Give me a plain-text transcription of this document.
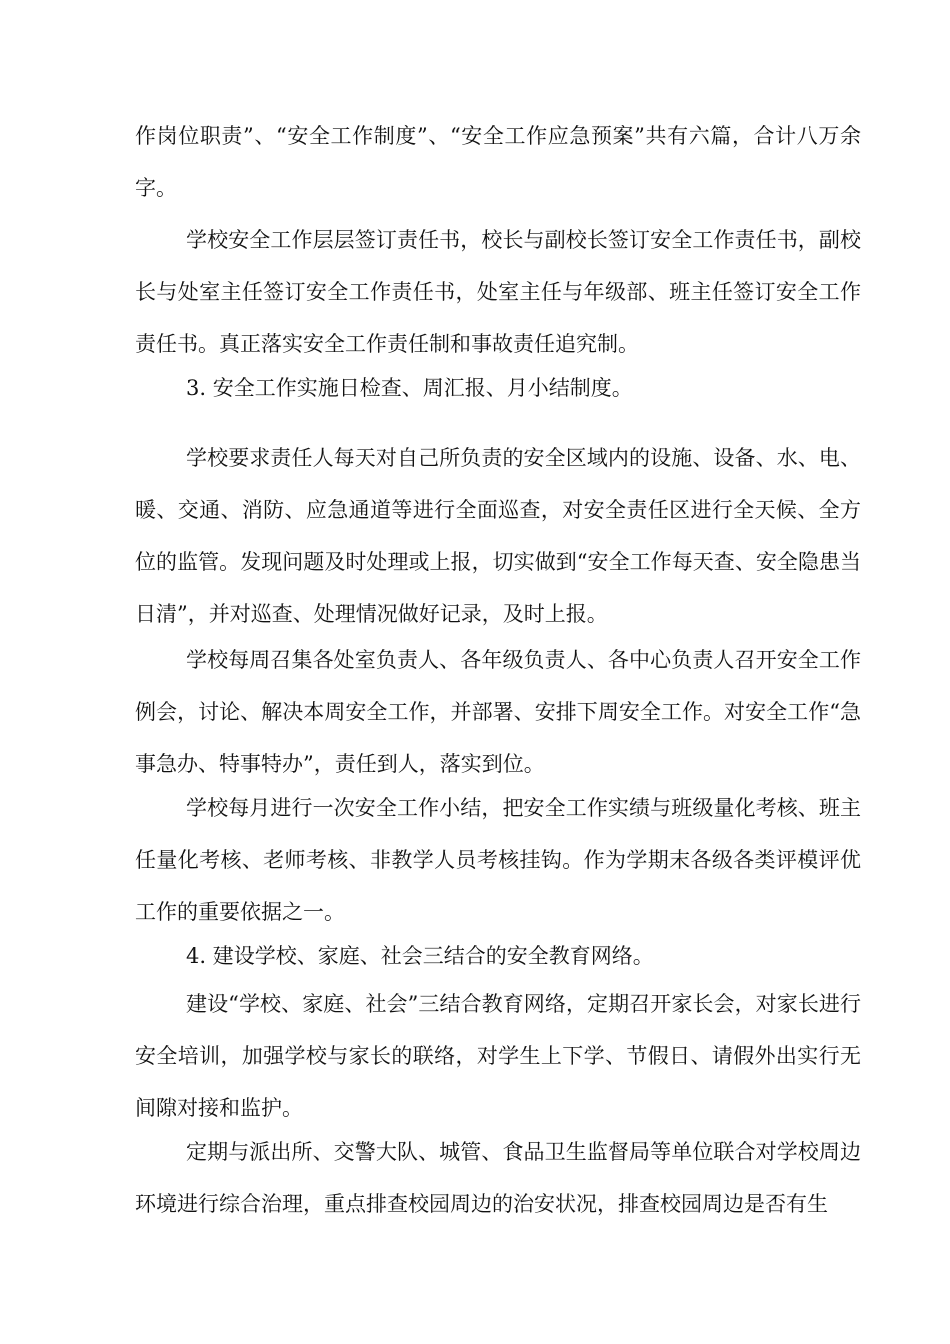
作岗位职责”、“安全工作制度”、“安全工作应急预案”共有六篇，合计八万余字。

学校安全工作层层签订责任书，校长与副校长签订安全工作责任书，副校长与处室主任签订安全工作责任书，处室主任与年级部、班主任签订安全工作责任书。真正落实安全工作责任制和事故责任追究制。

3. 安全工作实施日检查、周汇报、月小结制度。

学校要求责任人每天对自己所负责的安全区域内的设施、设备、水、电、暖、交通、消防、应急通道等进行全面巡查，对安全责任区进行全天候、全方位的监管。发现问题及时处理或上报，切实做到“安全工作每天查、安全隐患当日清”，并对巡查、处理情况做好记录，及时上报。

学校每周召集各处室负责人、各年级负责人、各中心负责人召开安全工作例会，讨论、解决本周安全工作，并部署、安排下周安全工作。对安全工作“急事急办、特事特办”，责任到人，落实到位。

学校每月进行一次安全工作小结，把安全工作实绩与班级量化考核、班主任量化考核、老师考核、非教学人员考核挂钩。作为学期末各级各类评模评优工作的重要依据之一。

4. 建设学校、家庭、社会三结合的安全教育网络。

建设“学校、家庭、社会”三结合教育网络，定期召开家长会，对家长进行安全培训，加强学校与家长的联络，对学生上下学、节假日、请假外出实行无间隙对接和监护。

定期与派出所、交警大队、城管、食品卫生监督局等单位联合对学校周边环境进行综合治理，重点排查校园周边的治安状况，排查校园周边是否有生
